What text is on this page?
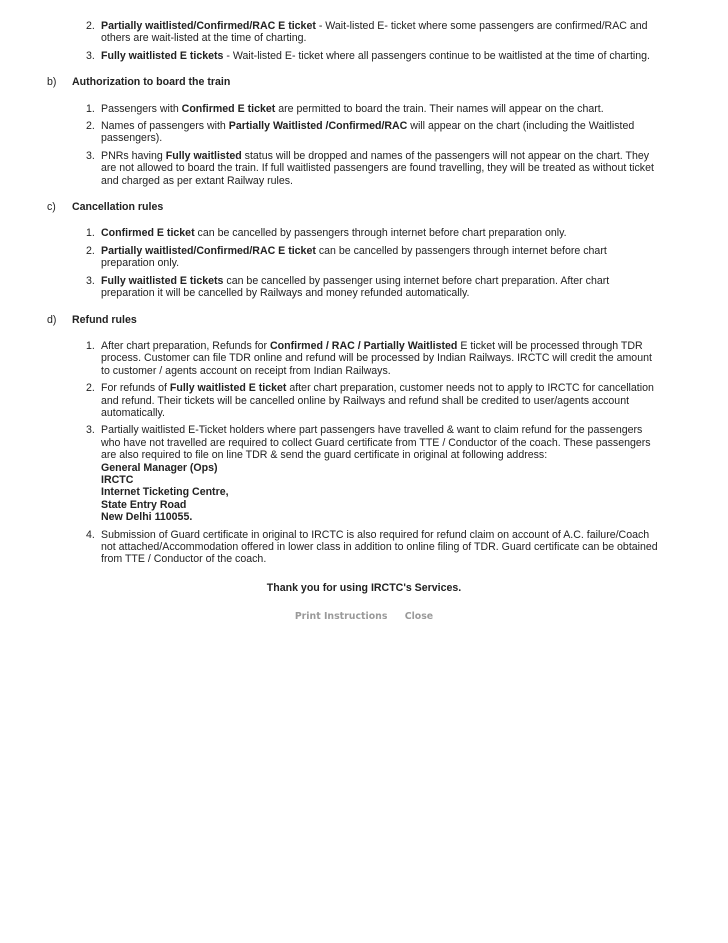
2. Partially waitlisted/Confirmed/RAC E ticket - Wait-listed E- ticket where some passengers are confirmed/RAC and others are wait-listed at the time of charting.
3. Fully waitlisted E tickets - Wait-listed E- ticket where all passengers continue to be waitlisted at the time of charting.
b) Authorization to board the train
1. Passengers with Confirmed E ticket are permitted to board the train. Their names will appear on the chart.
2. Names of passengers with Partially Waitlisted /Confirmed/RAC will appear on the chart (including the Waitlisted passengers).
3. PNRs having Fully waitlisted status will be dropped and names of the passengers will not appear on the chart. They are not allowed to board the train. If full waitlisted passengers are found travelling, they will be treated as without ticket and charged as per extant Railway rules.
c) Cancellation rules
1. Confirmed E ticket can be cancelled by passengers through internet before chart preparation only.
2. Partially waitlisted/Confirmed/RAC E ticket can be cancelled by passengers through internet before chart preparation only.
3. Fully waitlisted E tickets can be cancelled by passenger using internet before chart preparation. After chart preparation it will be cancelled by Railways and money refunded automatically.
d) Refund rules
1. After chart preparation, Refunds for Confirmed / RAC / Partially Waitlisted E ticket will be processed through TDR process. Customer can file TDR online and refund will be processed by Indian Railways. IRCTC will credit the amount to customer / agents account on receipt from Indian Railways.
2. For refunds of Fully waitlisted E ticket after chart preparation, customer needs not to apply to IRCTC for cancellation and refund. Their tickets will be cancelled online by Railways and refund shall be credited to user/agents account automatically.
3. Partially waitlisted E-Ticket holders where part passengers have travelled & want to claim refund for the passengers who have not travelled are required to collect Guard certificate from TTE / Conductor of the coach. These passengers are also required to file on line TDR & send the guard certificate in original at following address:
General Manager (Ops)
IRCTC
Internet Ticketing Centre,
State Entry Road
New Delhi 110055.
4. Submission of Guard certificate in original to IRCTC is also required for refund claim on account of A.C. failure/Coach not attached/Accommodation offered in lower class in addition to online filing of TDR. Guard certificate can be obtained from TTE / Conductor of the coach.
Thank you for using IRCTC's Services.
Print Instructions Close
